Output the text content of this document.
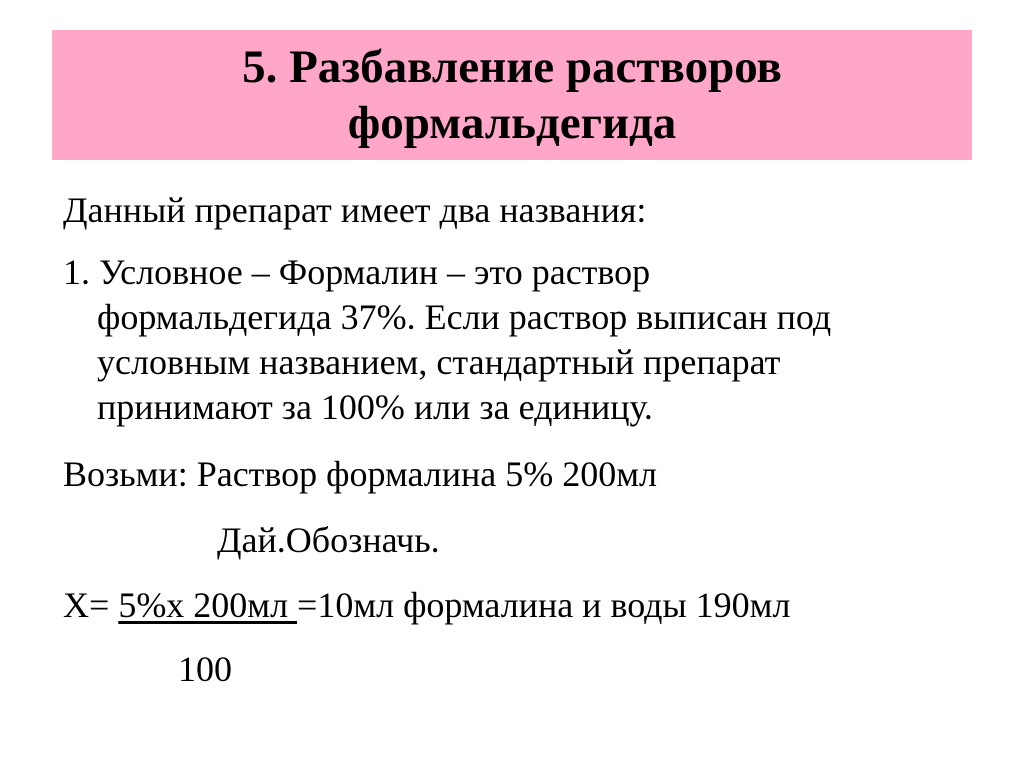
5. Разбавление растворов
формальдегида
Данный препарат имеет два названия:
1. Условное – Формалин – это раствор
формальдегида 37%. Если раствор выписан под
условным названием, стандартный препарат
принимают за 100% или за единицу.
Возьми: Раствор формалина 5% 200мл
Дай.Обозначь.
Х= 5%х 200мл =10мл формалина и воды 190мл
100
